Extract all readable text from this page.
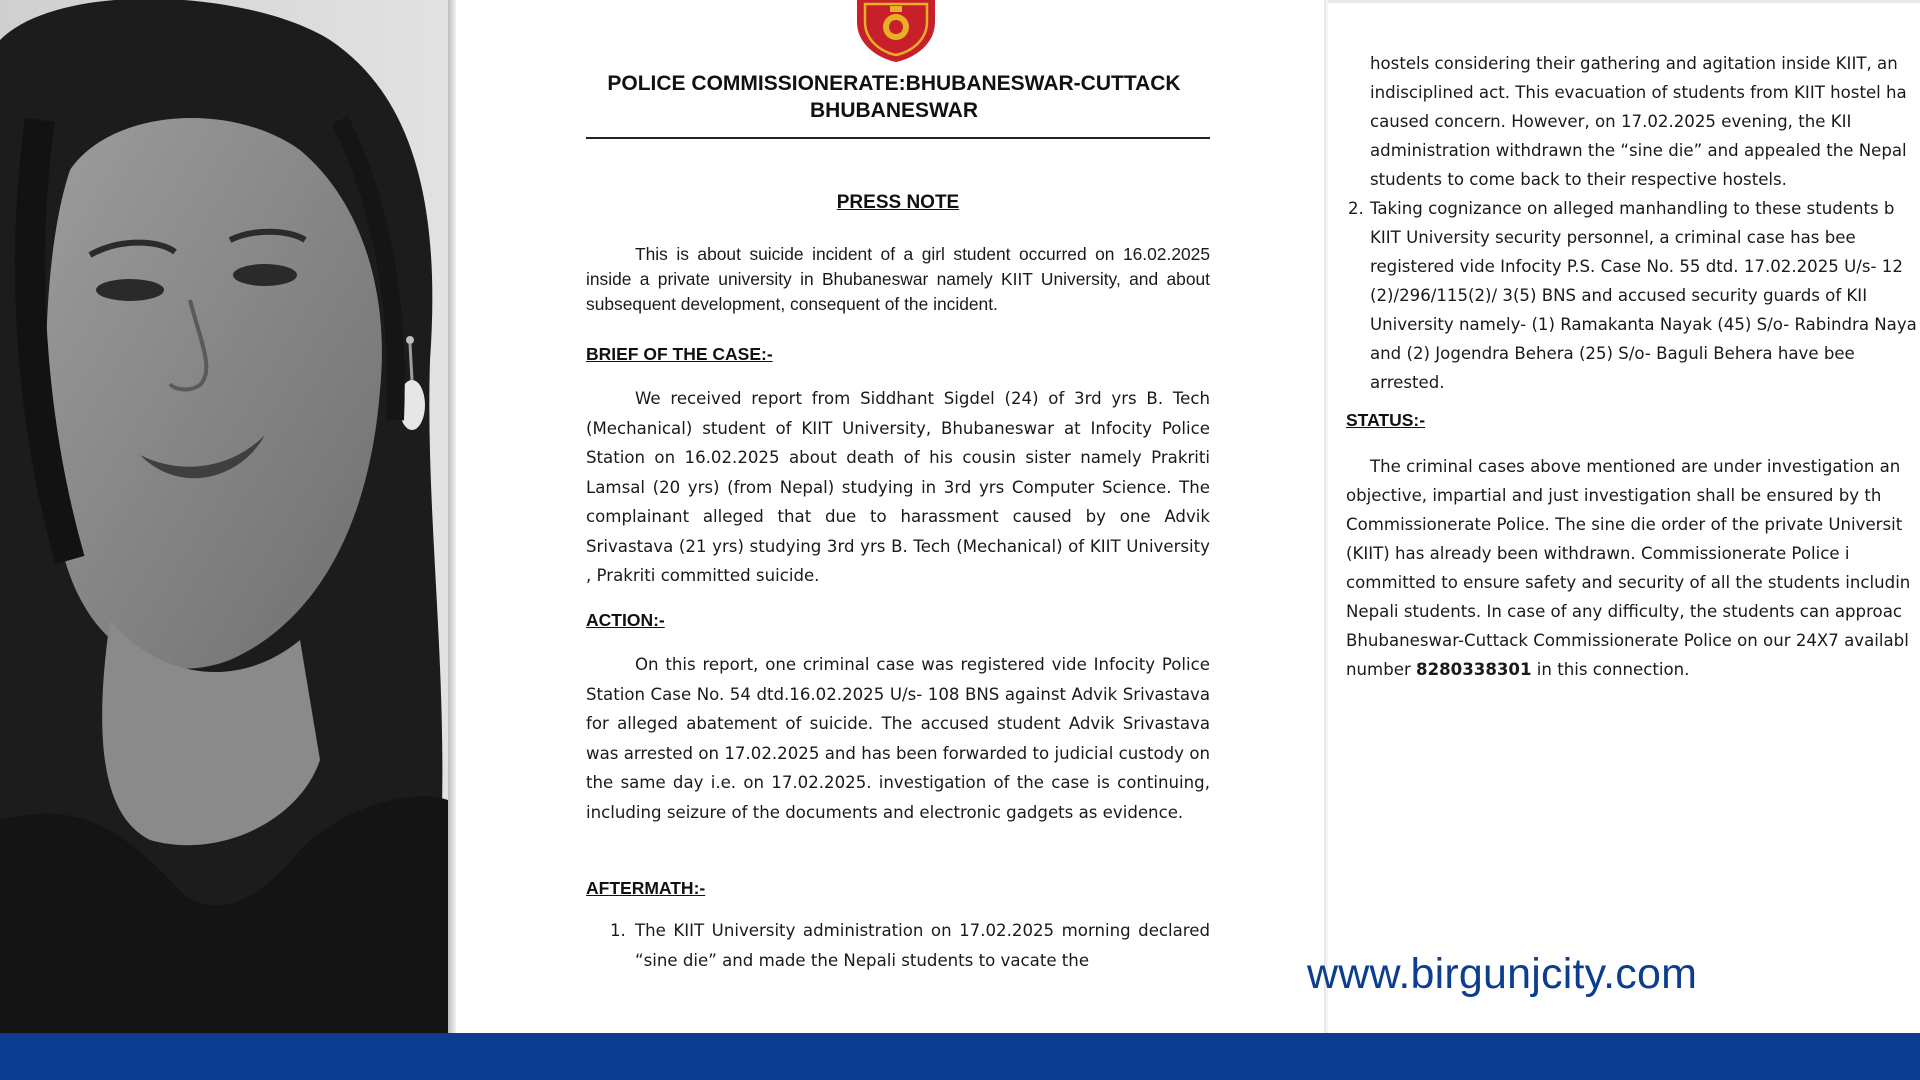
POLICE COMMISSIONERATE:BHUBANESWAR-CUTTACK
BHUBANESWAR
PRESS NOTE

This is about suicide incident of a girl student occurred on 16.02.2025 inside a private university in Bhubaneswar namely KIIT University, and about subsequent development, consequent of the incident.

BRIEF OF THE CASE:-

We received report from Siddhant Sigdel (24) of 3rd yrs B. Tech (Mechanical) student of KIIT University, Bhubaneswar at Infocity Police Station on 16.02.2025 about death of his cousin sister namely Prakriti Lamsal (20 yrs) (from Nepal) studying in 3rd yrs Computer Science. The complainant alleged that due to harassment caused by one Advik Srivastava (21 yrs) studying 3rd yrs B. Tech (Mechanical) of KIIT University , Prakriti committed suicide.

ACTION:-

On this report, one criminal case was registered vide Infocity Police Station Case No. 54 dtd.16.02.2025 U/s- 108 BNS against Advik Srivastava for alleged abatement of suicide. The accused student Advik Srivastava was arrested on 17.02.2025 and has been forwarded to judicial custody on the same day i.e. on 17.02.2025. investigation of the case is continuing, including seizure of the documents and electronic gadgets as evidence.

AFTERMATH:-
1. The KIIT University administration on 17.02.2025 morning declared “sine die” and made the Nepali students to vacate the
hostels considering their gathering and agitation inside KIIT, an
indisciplined act. This evacuation of students from KIIT hostel ha
caused concern. However, on 17.02.2025 evening, the KII
administration withdrawn the “sine die” and appealed the Nepal
students to come back to their respective hostels.
2. Taking cognizance on alleged manhandling to these students b
KIIT University security personnel, a criminal case has bee
registered vide Infocity P.S. Case No. 55 dtd. 17.02.2025 U/s- 12
(2)/296/115(2)/ 3(5) BNS and accused security guards of KII
University namely- (1) Ramakanta Nayak (45) S/o- Rabindra Naya
and (2) Jogendra Behera (25) S/o- Baguli Behera have bee
arrested.
STATUS:-
The criminal cases above mentioned are under investigation an
objective, impartial and just investigation shall be ensured by th
Commissionerate Police. The sine die order of the private Universit
(KIIT) has already been withdrawn. Commissionerate Police i
committed to ensure safety and security of all the students includin
Nepali students. In case of any difficulty, the students can approac
Bhubaneswar-Cuttack Commissionerate Police on our 24X7 availabl
number 8280338301 in this connection.
www.birgunjcity.com
